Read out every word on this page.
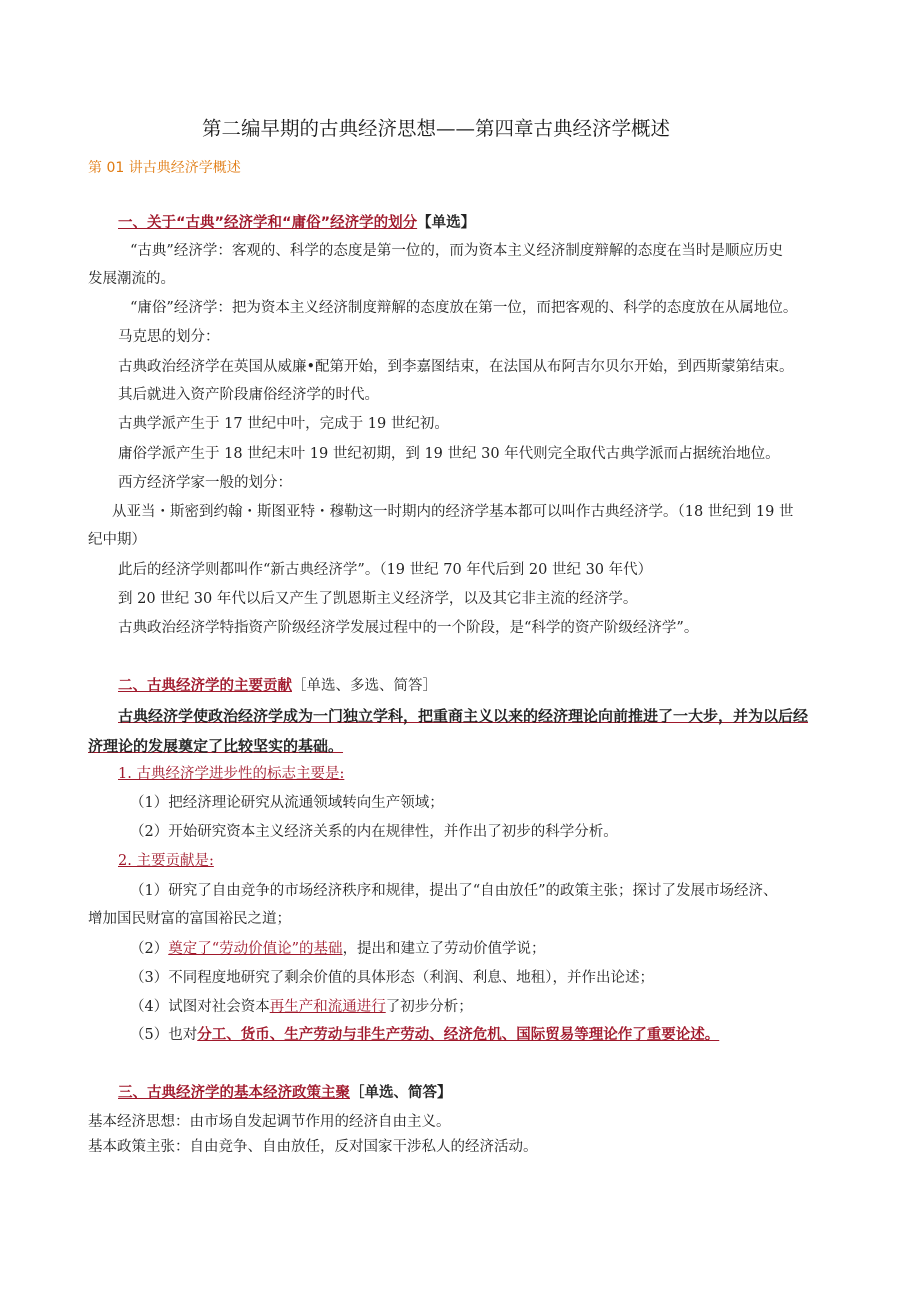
第二编早期的古典经济思想——第四章古典经济学概述
第 01 讲古典经济学概述
一、关于“古典”经济学和“庸俗”经济学的划分【单选】
“古典”经济学：客观的、科学的态度是第一位的，而为资本主义经济制度辩解的态度在当时是顺应历史
发展潮流的。
“庸俗”经济学：把为资本主义经济制度辩解的态度放在第一位，而把客观的、科学的态度放在从属地位。
马克思的划分：
古典政治经济学在英国从威廉•配第开始，到李嘉图结束，在法国从布阿吉尔贝尔开始，到西斯蒙第结束。
其后就进入资产阶段庸俗经济学的时代。
古典学派产生于 17 世纪中叶，完成于 19 世纪初。
庸俗学派产生于 18 世纪末叶 19 世纪初期，到 19 世纪 30 年代则完全取代古典学派而占据统治地位。
西方经济学家一般的划分：
从亚当・斯密到约翰・斯图亚特・穆勒这一时期内的经济学基本都可以叫作古典经济学。（18 世纪到 19 世
纪中期）
此后的经济学则都叫作“新古典经济学”。（19 世纪 70 年代后到 20 世纪 30 年代）
到 20 世纪 30 年代以后又产生了凯恩斯主义经济学，以及其它非主流的经济学。
古典政治经济学特指资产阶级经济学发展过程中的一个阶段，是“科学的资产阶级经济学”。
二、古典经济学的主要贡献［单选、多选、简答］
古典经济学使政治经济学成为一门独立学科，把重商主义以来的经济理论向前推进了一大步，并为以后经
济理论的发展奠定了比较坚实的基础。
1. 古典经济学进步性的标志主要是:
（1）把经济理论研究从流通领域转向生产领域；
（2）开始研究资本主义经济关系的内在规律性，并作出了初步的科学分析。
2. 主要贡献是:
（1）研究了自由竞争的市场经济秩序和规律，提出了“自由放任”的政策主张；探讨了发展市场经济、
增加国民财富的富国裕民之道；
（2）奠定了“劳动价值论”的基础，提出和建立了劳动价值学说；
（3）不同程度地研究了剩余价值的具体形态（利润、利息、地租），并作出论述；
（4）试图对社会资本再生产和流通进行了初步分析；
（5）也对分工、货币、生产劳动与非生产劳动、经济危机、国际贸易等理论作了重要论述。
三、古典经济学的基本经济政策主聚［单选、简答】
基本经济思想：由市场自发起调节作用的经济自由主义。
基本政策主张：自由竞争、自由放任，反对国家干涉私人的经济活动。
